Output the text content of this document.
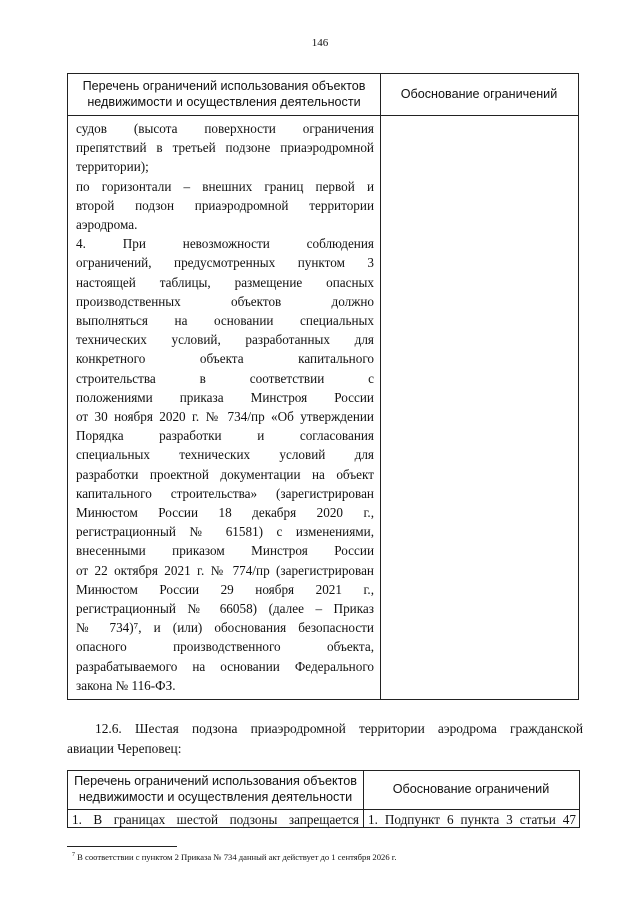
146
Перечень ограничений использования объектов недвижимости и осуществления деятельности
Обоснование ограничений

судов (высота поверхности ограничения

препятствий в третьей подзоне приаэродромной

территории);

по горизонтали – внешних границ первой и

второй подзон приаэродромной территории

аэродрома.

4. При невозможности соблюдения

ограничений, предусмотренных пунктом 3

настоящей таблицы, размещение опасных

производственных объектов должно

выполняться на основании специальных

технических условий, разработанных для

конкретного объекта капитального

строительства в соответствии с

положениями приказа Минстроя России

от 30 ноября 2020 г. № 734/пр «Об утверждении

Порядка разработки и согласования

специальных технических условий для

разработки проектной документации на объект

капитального строительства» (зарегистрирован

Минюстом России 18 декабря 2020 г.,

регистрационный № 61581) с изменениями,

внесенными приказом Минстроя России

от 22 октября 2021 г. № 774/пр (зарегистрирован

Минюстом России 29 ноября 2021 г.,

регистрационный № 66058) (далее – Приказ

№ 734)⁷, и (или) обоснования безопасности

опасного производственного объекта,

разрабатываемого на основании Федерального

закона № 116-ФЗ.

12.6. Шестая подзона приаэродромной территории аэродрома гражданской
авиации Череповец:
Перечень ограничений использования объектов недвижимости и осуществления деятельности
Обоснование ограничений
1. В границах шестой подзоны запрещается 1. Подпункт 6 пункта 3 статьи 47
$^7$ В соответствии с пунктом 2 Приказа № 734 данный акт действует до 1 сентября 2026 г.
